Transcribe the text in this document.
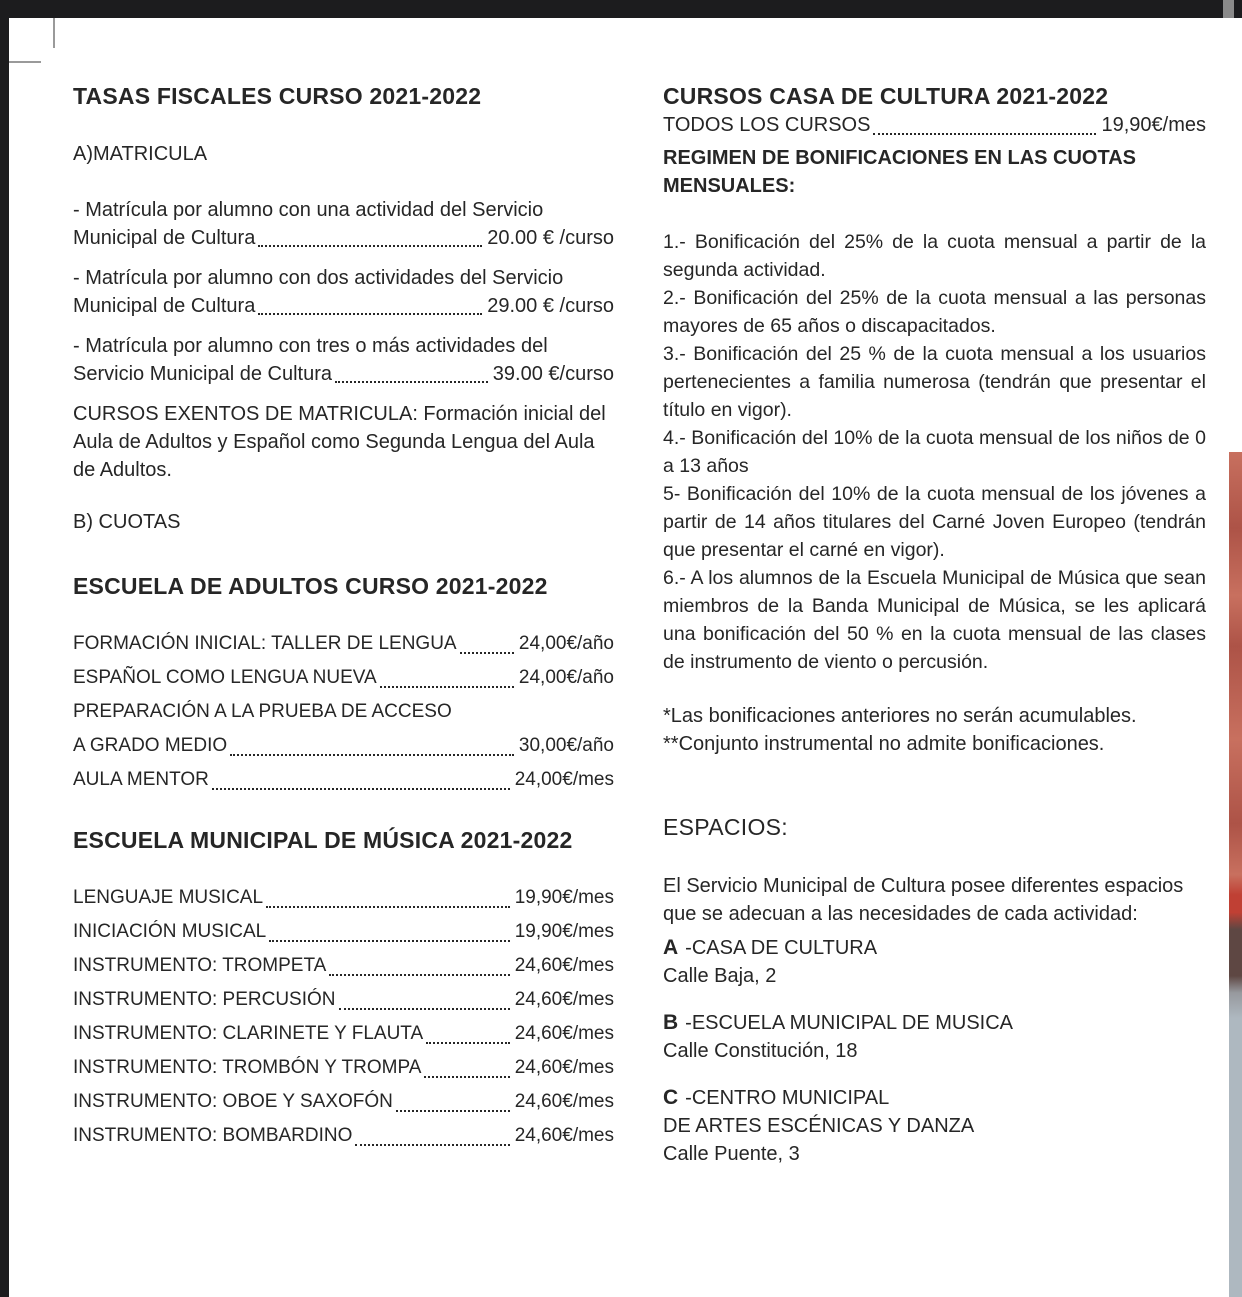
TASAS FISCALES CURSO 2021-2022
A)MATRICULA
- Matrícula por alumno con una actividad del Servicio
Municipal de Cultura	20.00 € /curso
- Matrícula por alumno con dos actividades del Servicio
Municipal de Cultura	29.00 € /curso
- Matrícula por alumno con tres o más actividades del
Servicio Municipal de Cultura	39.00 €/curso

CURSOS EXENTOS DE MATRICULA: Formación inicial del Aula de Adultos y Español como Segunda Lengua del Aula de Adultos.

B) CUOTAS
ESCUELA DE ADULTOS CURSO 2021-2022
FORMACIÓN INICIAL: TALLER DE LENGUA	24,00€/año
ESPAÑOL COMO LENGUA NUEVA	24,00€/año
PREPARACIÓN A LA PRUEBA DE ACCESO
A GRADO MEDIO	30,00€/año
AULA MENTOR	24,00€/mes
ESCUELA MUNICIPAL DE MÚSICA 2021-2022
LENGUAJE MUSICAL	19,90€/mes
INICIACIÓN MUSICAL	19,90€/mes
INSTRUMENTO: TROMPETA	24,60€/mes
INSTRUMENTO: PERCUSIÓN	24,60€/mes
INSTRUMENTO: CLARINETE Y FLAUTA	24,60€/mes
INSTRUMENTO: TROMBÓN Y TROMPA	24,60€/mes
INSTRUMENTO: OBOE Y SAXOFÓN	24,60€/mes
INSTRUMENTO: BOMBARDINO	24,60€/mes
CURSOS CASA DE CULTURA 2021-2022
TODOS LOS CURSOS	19,90€/mes
REGIMEN DE BONIFICACIONES EN LAS CUOTAS MENSUALES:

1.- Bonificación del 25% de la cuota mensual a partir de la segunda actividad.

2.- Bonificación del 25% de la cuota mensual a las personas mayores de 65 años o discapacitados.

3.- Bonificación del 25 % de la cuota mensual a los usuarios pertenecientes a familia numerosa (tendrán que presentar el título en vigor).

4.- Bonificación del 10% de la cuota mensual de los niños de 0 a 13 años

5- Bonificación del 10% de la cuota mensual de los jóvenes a partir de 14 años titulares del Carné Joven Europeo (tendrán que presentar el carné en vigor).

6.- A los alumnos de la Escuela Municipal de Música que sean miembros de la Banda Municipal de Música, se les aplicará una bonificación del 50 % en la cuota mensual de las clases de instrumento de viento o percusión.

*Las bonificaciones anteriores no serán acumulables.
**Conjunto instrumental no admite bonificaciones.
ESPACIOS:

El Servicio Municipal de Cultura posee diferentes espacios que se adecuan a las necesidades de cada actividad:

A -CASA DE CULTURA
Calle Baja, 2
B -ESCUELA MUNICIPAL DE MUSICA
Calle Constitución, 18
C -CENTRO MUNICIPAL
DE ARTES ESCÉNICAS Y DANZA
Calle Puente, 3
